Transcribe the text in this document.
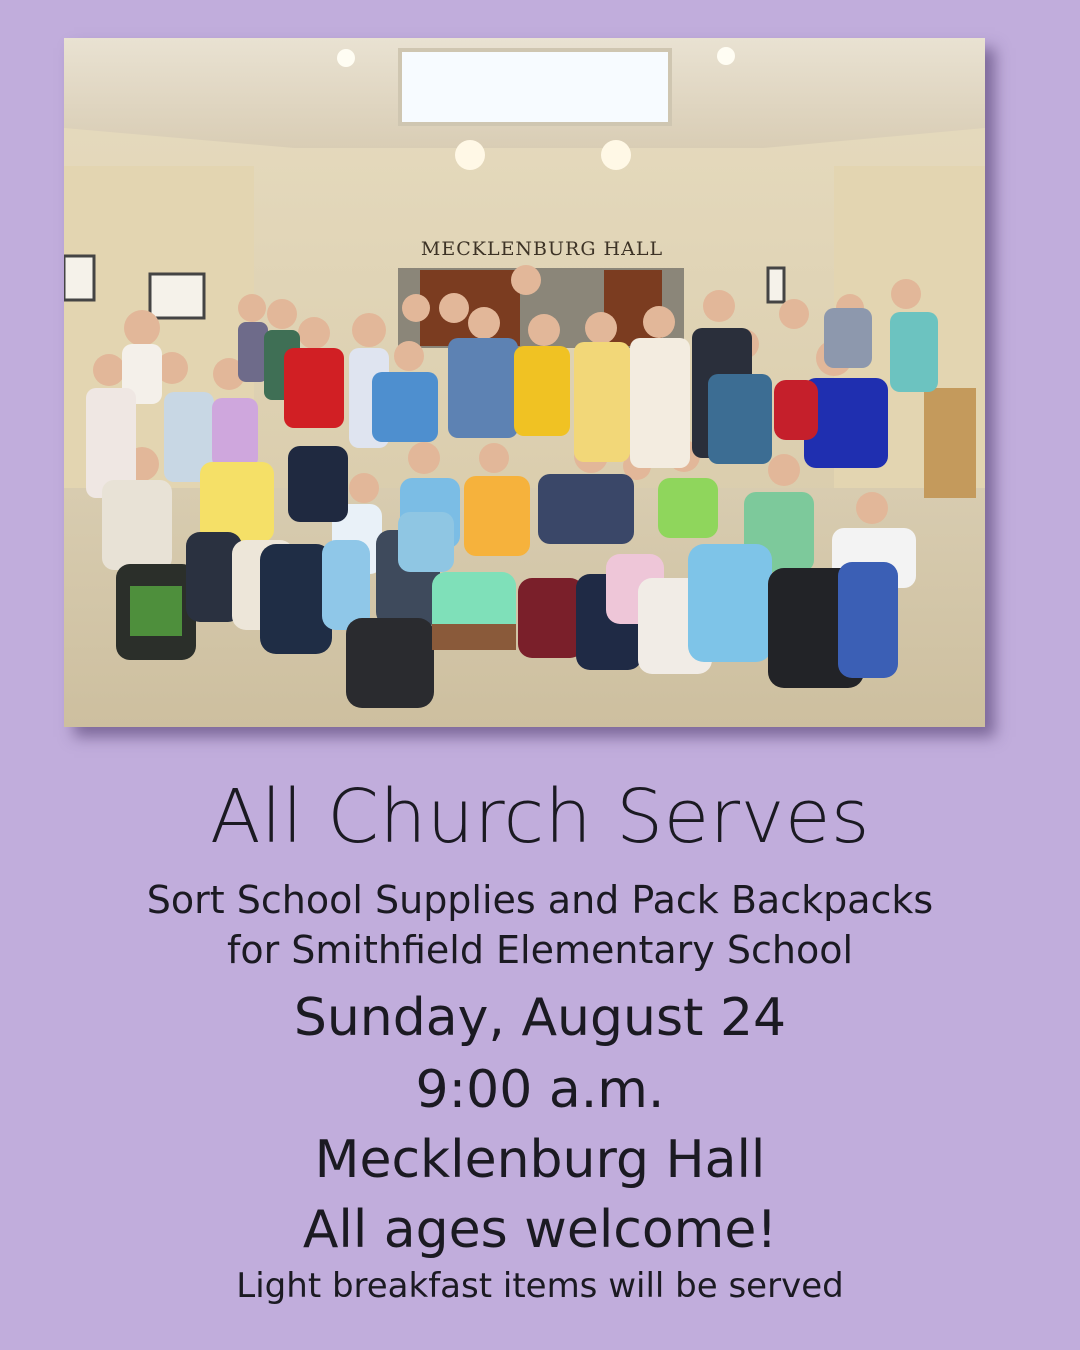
MECKLENBURG HALL
All Church Serves
Sort School Supplies and Pack Backpacks
for Smithfield Elementary School
Sunday, August 24
9:00 a.m.
Mecklenburg Hall
All ages welcome!
Light breakfast items will be served
